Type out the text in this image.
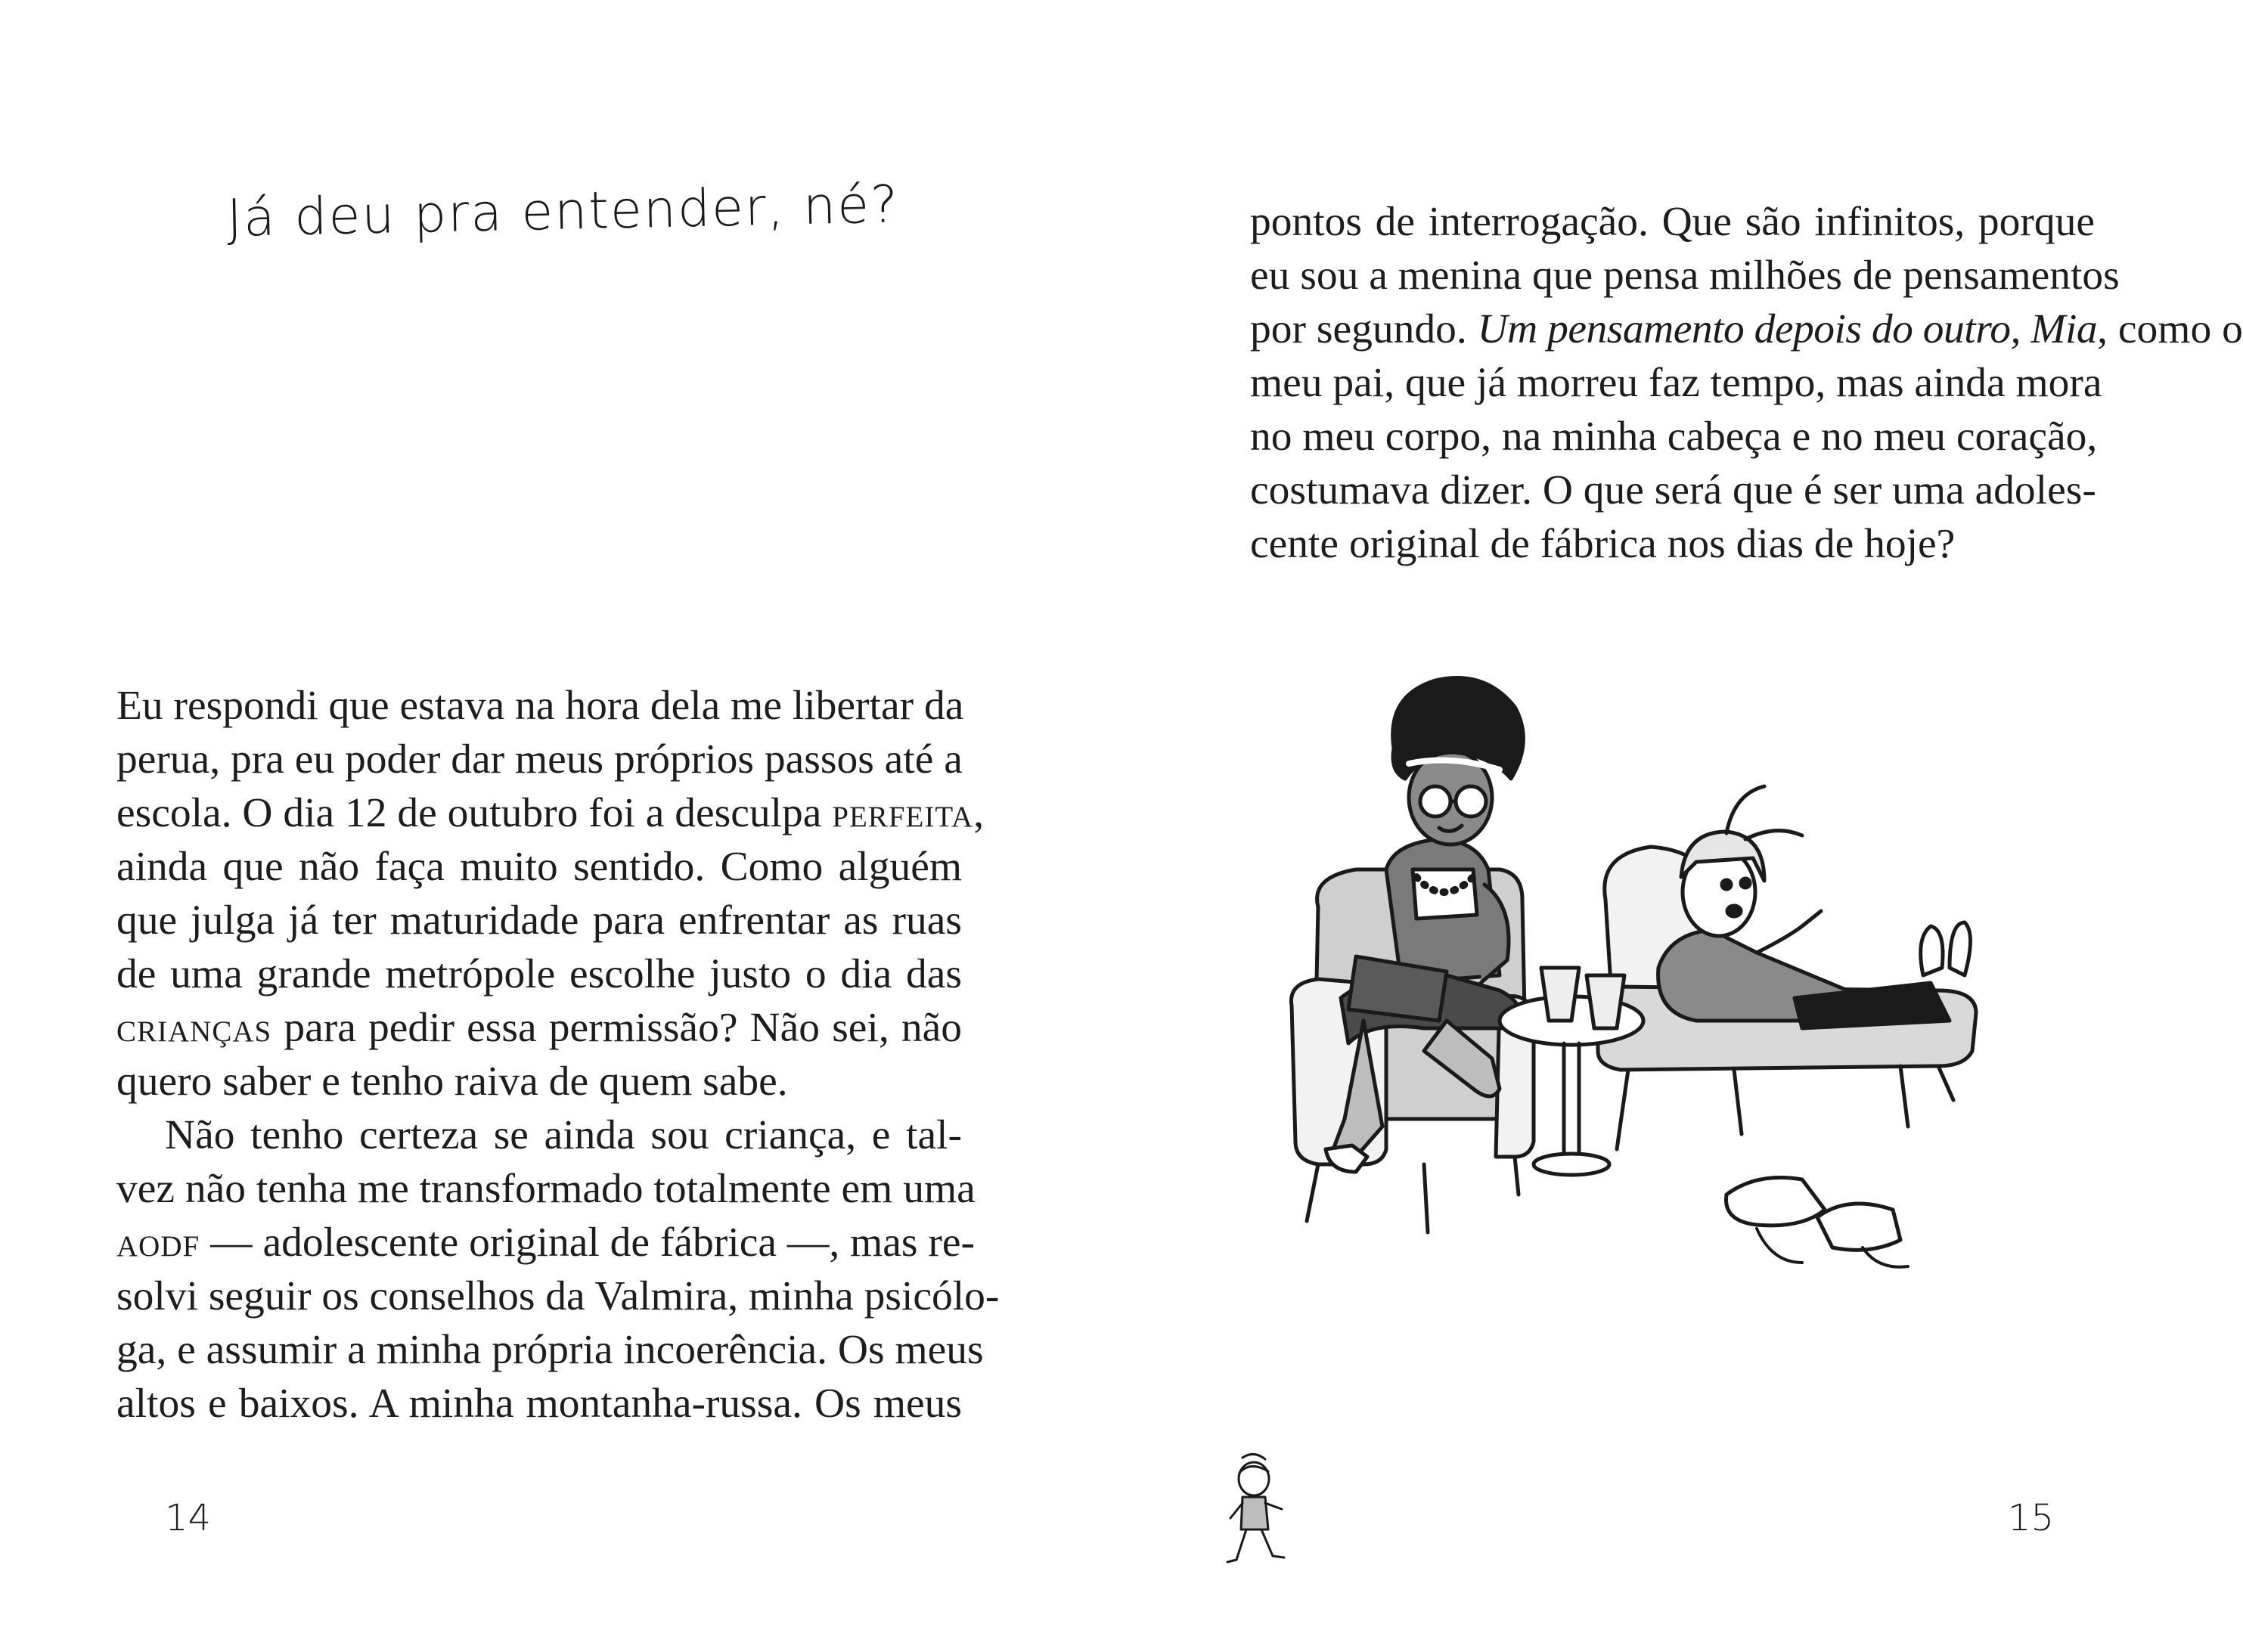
Já deu pra entender, né?
Eu respondi que estava na hora dela me libertar da
perua, pra eu poder dar meus próprios passos até a
escola. O dia 12 de outubro foi a desculpa perfeita,
ainda que não faça muito sentido. Como alguém
que julga já ter maturidade para enfrentar as ruas
de uma grande metrópole escolhe justo o dia das
crianças para pedir essa permissão? Não sei, não
quero saber e tenho raiva de quem sabe.
Não tenho certeza se ainda sou criança, e tal-
vez não tenha me transformado totalmente em uma
aodf — adolescente original de fábrica —, mas re-
solvi seguir os conselhos da Valmira, minha psicólo-
ga, e assumir a minha própria incoerência. Os meus
altos e baixos. A minha montanha-russa. Os meus
14
pontos de interrogação. Que são infinitos, porque
eu sou a menina que pensa milhões de pensamentos
por segundo. Um pensamento depois do outro, Mia, como o
meu pai, que já morreu faz tempo, mas ainda mora
no meu corpo, na minha cabeça e no meu coração,
costumava dizer. O que será que é ser uma adoles-
cente original de fábrica nos dias de hoje?
15
